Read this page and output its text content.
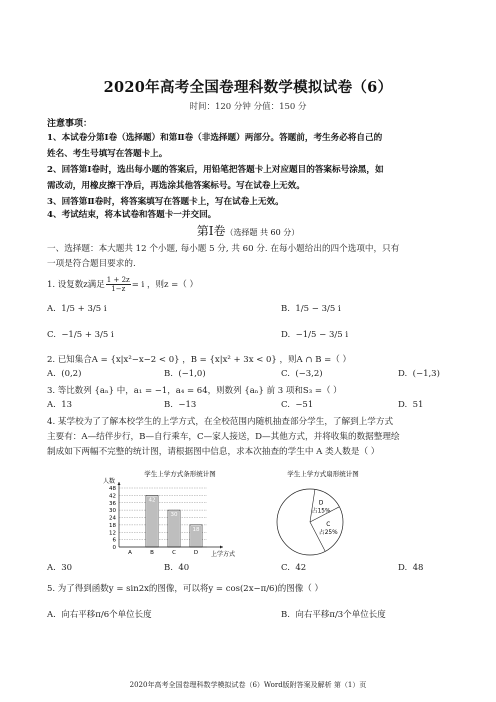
2020年高考全国卷理科数学模拟试卷（6）
时间：120 分钟 分值：150 分
注意事项：
1、本试卷分第Ⅰ卷（选择题）和第Ⅱ卷（非选择题）两部分。答题前，考生务必将自己的
姓名、考生号填写在答题卡上。
2、回答第Ⅰ卷时，选出每小题的答案后，用铅笔把答题卡上对应题目的答案标号涂黑，如
需改动，用橡皮擦干净后，再选涂其他答案标号。写在试卷上无效。
3、回答第Ⅱ卷时，将答案填写在答题卡上，写在试卷上无效。
4、考试结束，将本试卷和答题卡一并交回。
第Ⅰ卷（选择题 共 60 分）
一、选择题：本大题共 12 个小题, 每小题 5 分, 共 60 分. 在每小题给出的四个选项中，只有
一项是符合题目要求的.
1. 设复数z满足 $\frac{1 + 2z}{1-z} = i$ ，则z =（ ）
A. 1/5 + 3/5 i	B. 1/5 − 3/5 i
C. −1/5 + 3/5 i	D. −1/5 − 3/5 i
2. 已知集合A = {x|x²−x−2 < 0} ，B = {x|x² + 3x < 0} ，则A ∩ B =（ ）
A. (0,2)	B. (−1,0)	C. (−3,2)	D. (−1,3)
3. 等比数列 {aₙ} 中，a₁ = −1，a₄ = 64，则数列 {aₙ} 前 3 项和S₃ =（ ）
A. 13	B. −13	C. −51	D. 51
4. 某学校为了了解本校学生的上学方式，在全校范围内随机抽查部分学生，了解到上学方式
主要有：A—结伴步行，B—自行乘车，C—家人接送，D—其他方式，并将收集的数据整理绘
制成如下两幅不完整的统计图，请根据图中信息，求本次抽查的学生中 A 类人数是（ ）
学生上学方式条形统计图
人数
上学方式
0
6
12
18
24
30
36
42
48
42
30
18
A	B	C	D
学生上学方式扇形统计图
D
占15%
C
占25%
A. 30	B. 40	C. 42	D. 48
5. 为了得到函数y = sin2x的图像，可以将y = cos(2x−π/6)的图像（ ）
A. 向右平移π/6个单位长度	B. 向右平移π/3个单位长度
2020年高考全国卷理科数学模拟试卷（6）Word版附答案及解析 第（1）页
